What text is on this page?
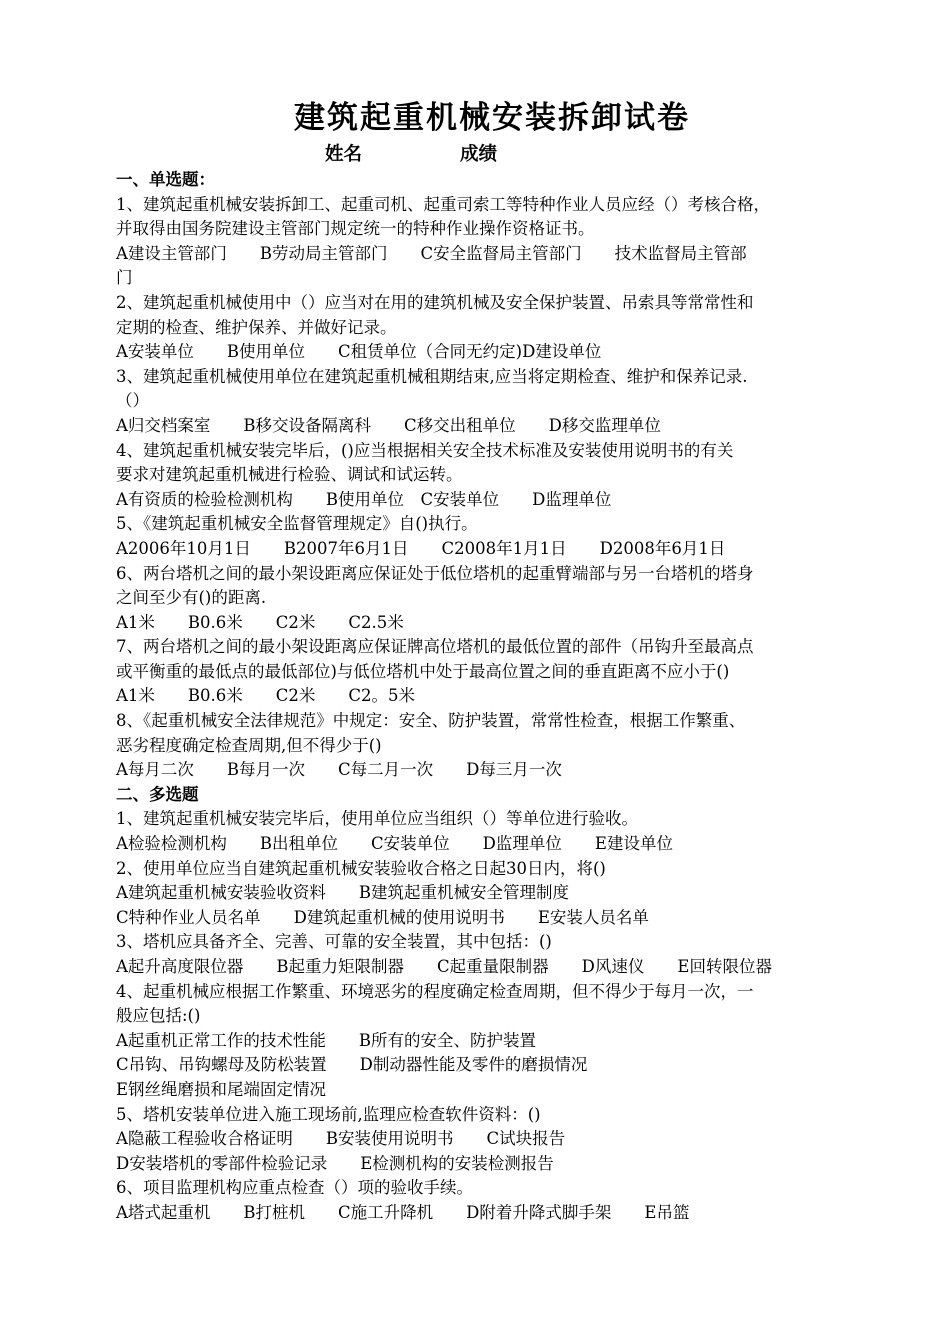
建筑起重机械安装拆卸试卷
姓名	成绩
一、单选题：
1、建筑起重机械安装拆卸工、起重司机、起重司索工等特种作业人员应经（）考核合格，
并取得由国务院建设主管部门规定统一的特种作业操作资格证书。
A建设主管部门　　B劳动局主管部门　　C安全监督局主管部门　　技术监督局主管部
门
2、建筑起重机械使用中（）应当对在用的建筑机械及安全保护装置、吊索具等常常性和
定期的检查、维护保养、并做好记录。
A安装单位　　B使用单位　　C租赁单位（合同无约定)D建设单位
3、建筑起重机械使用单位在建筑起重机械租期结束,应当将定期检查、维护和保养记录.
（）
A归交档案室　　B移交设备隔离科　　C移交出租单位　　D移交监理单位
4、建筑起重机械安装完毕后，()应当根据相关安全技术标准及安装使用说明书的有关
要求对建筑起重机械进行检验、调试和试运转。
A有资质的检验检测机构　　B使用单位　C安装单位　　D监理单位
5、《建筑起重机械安全监督管理规定》自()执行。
A2006年10月1日　　B2007年6月1日　　C2008年1月1日　　D2008年6月1日
6、两台塔机之间的最小架设距离应保证处于低位塔机的起重臂端部与另一台塔机的塔身
之间至少有()的距离.
A1米　　B0.6米　　C2米　　C2.5米
7、两台塔机之间的最小架设距离应保证牌高位塔机的最低位置的部件（吊钩升至最高点
或平衡重的最低点的最低部位)与低位塔机中处于最高位置之间的垂直距离不应小于()
A1米　　B0.6米　　C2米　　C2。5米
8、《起重机械安全法律规范》中规定：安全、防护装置，常常性检查，根据工作繁重、
恶劣程度确定检查周期,但不得少于()
A每月二次　　B每月一次　　C每二月一次　　D每三月一次
二、多选题
1、建筑起重机械安装完毕后，使用单位应当组织（）等单位进行验收。
A检验检测机构　　B出租单位　　C安装单位　　D监理单位　　E建设单位
2、使用单位应当自建筑起重机械安装验收合格之日起30日内，将()
A建筑起重机械安装验收资料　　B建筑起重机械安全管理制度
C特种作业人员名单　　D建筑起重机械的使用说明书　　E安装人员名单
3、塔机应具备齐全、完善、可靠的安全装置，其中包括：()
A起升高度限位器　　B起重力矩限制器　　C起重量限制器　　D风速仪　　E回转限位器
4、起重机械应根据工作繁重、环境恶劣的程度确定检查周期，但不得少于每月一次，一
般应包括:()
A起重机正常工作的技术性能　　B所有的安全、防护装置
C吊钩、吊钩螺母及防松装置　　D制动器性能及零件的磨损情况
E钢丝绳磨损和尾端固定情况
5、塔机安装单位进入施工现场前,监理应检查软件资料：()
A隐蔽工程验收合格证明　　B安装使用说明书　　C试块报告
D安装塔机的零部件检验记录　　E检测机构的安装检测报告
6、项目监理机构应重点检查（）项的验收手续。
A塔式起重机　　B打桩机　　C施工升降机　　D附着升降式脚手架　　E吊篮
